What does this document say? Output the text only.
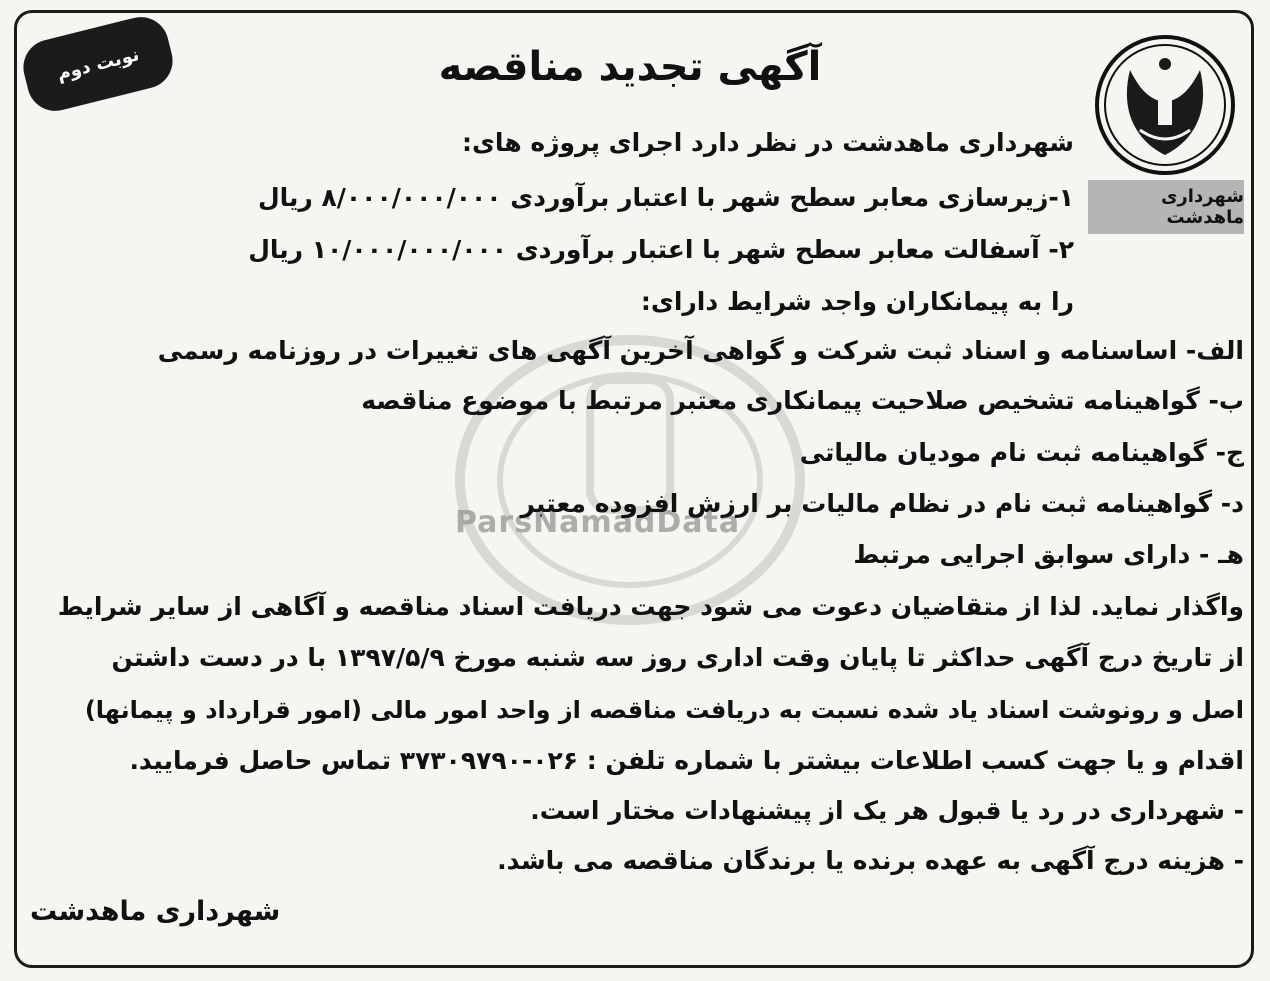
نوبت دوم
شهرداری ماهدشت
ParsNamadData
آگهی تجدید مناقصه
شهرداری ماهدشت در نظر دارد اجرای پروژه های:
۱-زیرسازی معابر سطح شهر با اعتبار برآوردی ۸/۰۰۰/۰۰۰/۰۰۰ ریال
۲- آسفالت معابر سطح شهر با اعتبار برآوردی ۱۰/۰۰۰/۰۰۰/۰۰۰ ریال
را به پیمانکاران واجد شرایط دارای:
الف- اساسنامه و اسناد ثبت شرکت و گواهی آخرین آگهی های تغییرات در روزنامه رسمی
ب- گواهینامه تشخیص صلاحیت پیمانکاری معتبر مرتبط با موضوع مناقصه
ج- گواهینامه ثبت نام مودیان مالیاتی
د- گواهینامه ثبت نام در نظام مالیات بر ارزش افزوده معتبر
هـ - دارای سوابق اجرایی مرتبط
واگذار نماید. لذا از متقاضیان دعوت می شود جهت دریافت اسناد مناقصه و آگاهی از سایر شرایط
از تاریخ درج آگهی حداکثر تا پایان وقت اداری روز سه شنبه مورخ ۱۳۹۷/۵/۹ با در دست داشتن
اصل و رونوشت اسناد یاد شده نسبت به دریافت مناقصه از واحد امور مالی (امور قرارداد و پیمانها)
اقدام و یا جهت کسب اطلاعات بیشتر با شماره تلفن : ۰۲۶-۳۷۳۰۹۷۹۰ تماس حاصل فرمایید.
- شهرداری در رد یا قبول هر یک از پیشنهادات مختار است.
- هزینه درج آگهی به عهده برنده یا برندگان مناقصه می باشد.
شهرداری ماهدشت
